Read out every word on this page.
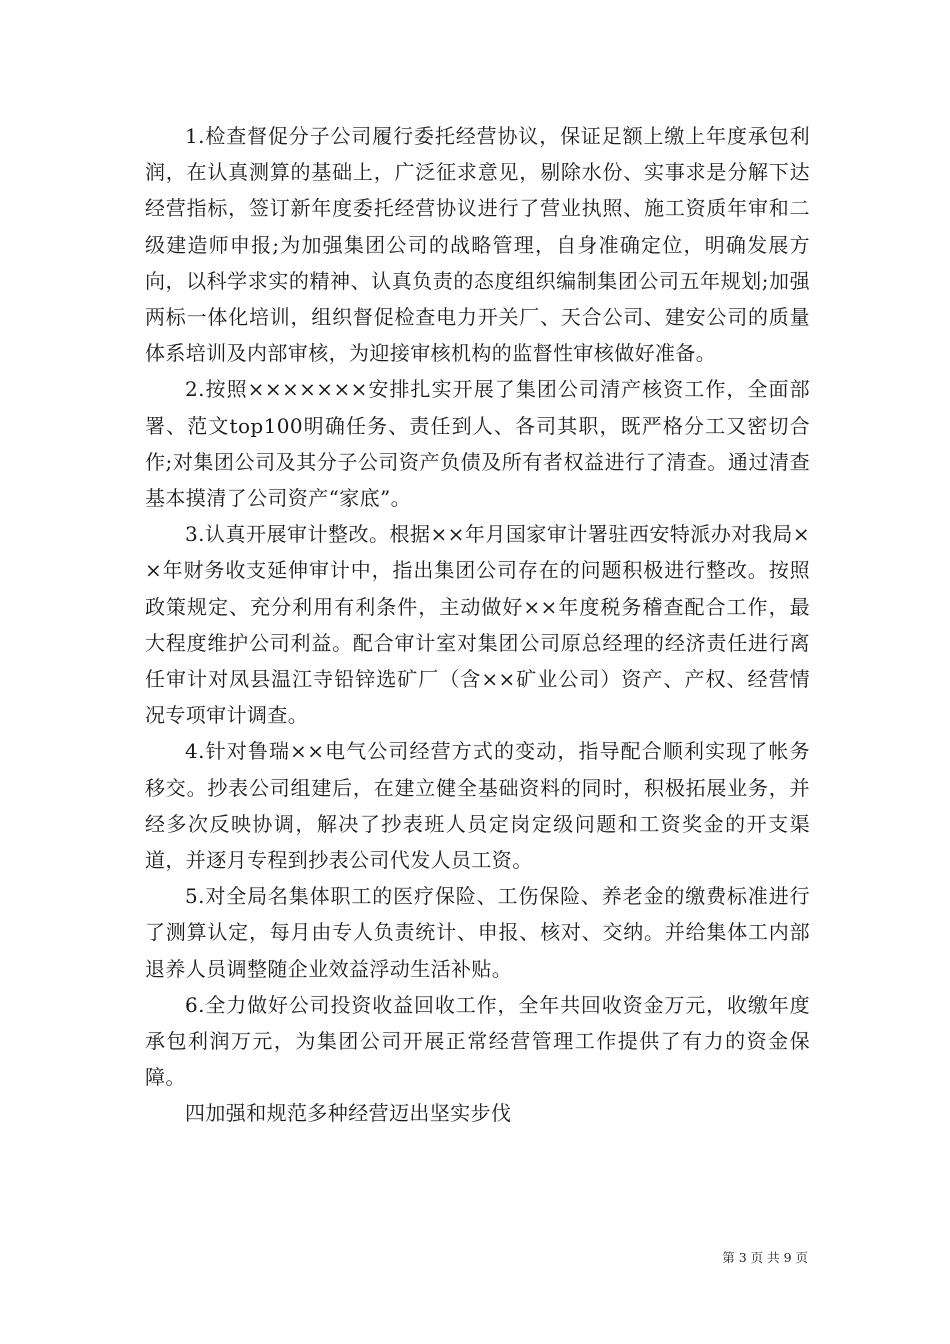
1.检查督促分子公司履行委托经营协议，保证足额上缴上年度承包利润，在认真测算的基础上，广泛征求意见，剔除水份、实事求是分解下达经营指标，签订新年度委托经营协议进行了营业执照、施工资质年审和二级建造师申报;为加强集团公司的战略管理，自身准确定位，明确发展方向，以科学求实的精神、认真负责的态度组织编制集团公司五年规划;加强两标一体化培训，组织督促检查电力开关厂、天合公司、建安公司的质量体系培训及内部审核，为迎接审核机构的监督性审核做好准备。

2.按照×××××××安排扎实开展了集团公司清产核资工作，全面部署、范文top100明确任务、责任到人、各司其职，既严格分工又密切合作;对集团公司及其分子公司资产负债及所有者权益进行了清查。通过清查基本摸清了公司资产“家底”。

3.认真开展审计整改。根据××年月国家审计署驻西安特派办对我局××年财务收支延伸审计中，指出集团公司存在的问题积极进行整改。按照政策规定、充分利用有利条件，主动做好××年度税务稽查配合工作，最大程度维护公司利益。配合审计室对集团公司原总经理的经济责任进行离任审计对凤县温江寺铅锌选矿厂（含××矿业公司）资产、产权、经营情况专项审计调查。

4.针对鲁瑞××电气公司经营方式的变动，指导配合顺利实现了帐务移交。抄表公司组建后，在建立健全基础资料的同时，积极拓展业务，并经多次反映协调，解决了抄表班人员定岗定级问题和工资奖金的开支渠道，并逐月专程到抄表公司代发人员工资。

5.对全局名集体职工的医疗保险、工伤保险、养老金的缴费标准进行了测算认定，每月由专人负责统计、申报、核对、交纳。并给集体工内部退养人员调整随企业效益浮动生活补贴。

6.全力做好公司投资收益回收工作，全年共回收资金万元，收缴年度承包利润万元，为集团公司开展正常经营管理工作提供了有力的资金保障。

四加强和规范多种经营迈出坚实步伐

第 3 页 共 9 页
